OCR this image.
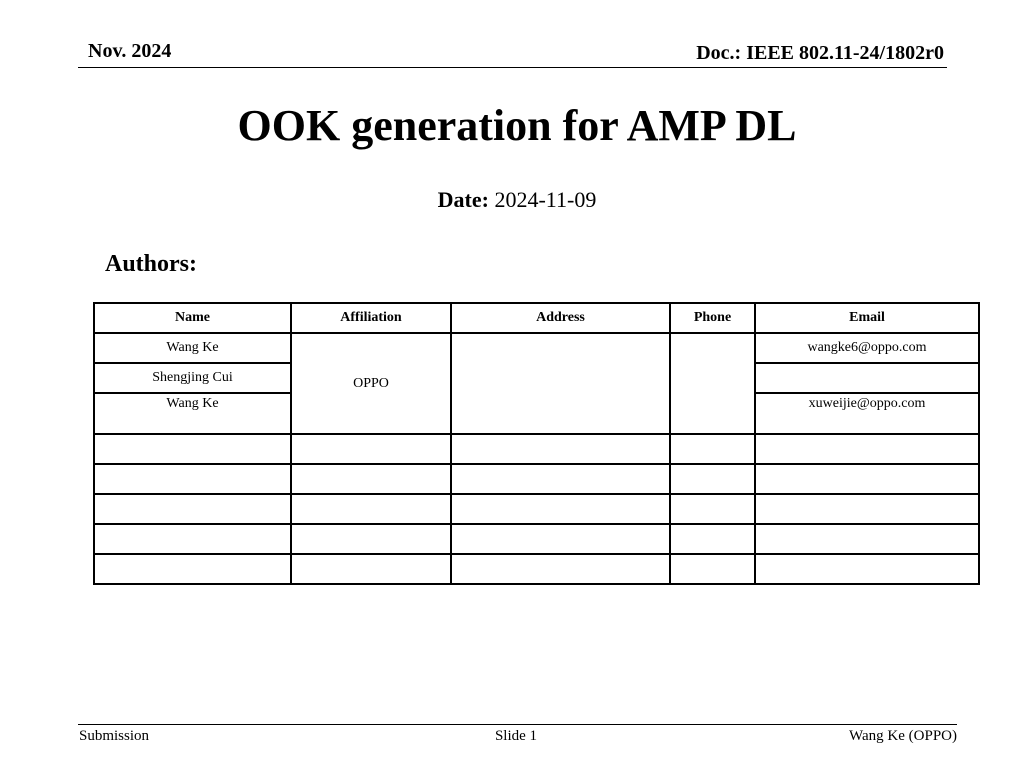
Nov. 2024	Doc.: IEEE 802.11-24/1802r0
OOK generation for AMP DL
Date: 2024-11-09
Authors:
Name	Affiliation	Address	Phone	Email
Wang Ke	OPPO			wangke6@oppo.com
Shengjing Cui				
Wang Ke				xuweijie@oppo.com

Submission	Slide 1	Wang Ke (OPPO)
